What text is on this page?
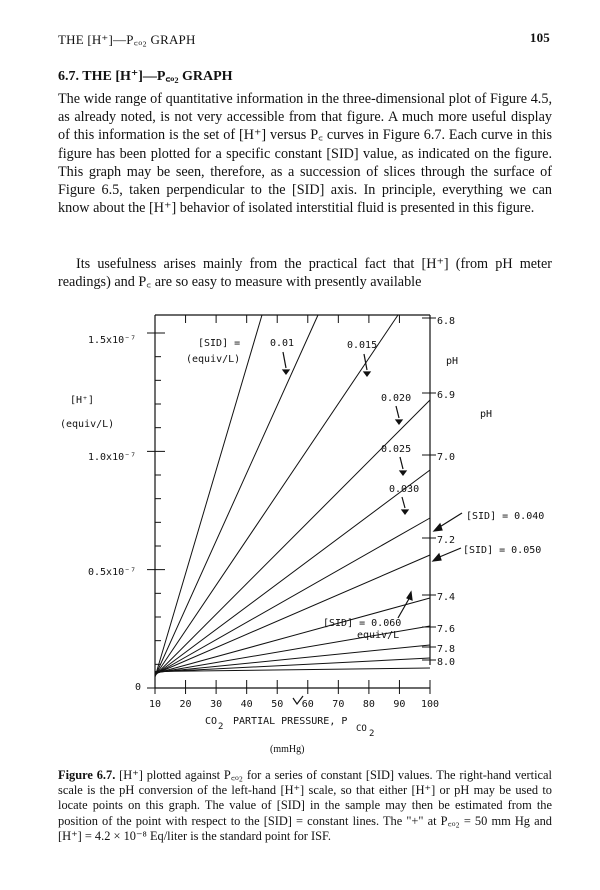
THE [H⁺]—P꜀ₒ₂ GRAPH	105
6.7. THE [H⁺]—P꜀ₒ₂ GRAPH

The wide range of quantitative information in the three-dimensional plot of Figure 4.5, as already noted, is not very accessible from that figure. A much more useful display of this information is the set of [H⁺] versus P꜀ curves in Figure 6.7. Each curve in this figure has been plotted for a specific constant [SID] value, as indicated on the figure. This graph may be seen, therefore, as a succession of slices through the surface of Figure 6.5, taken perpendicular to the [SID] axis. In principle, everything we can know about the [H⁺] behavior of isolated interstitial fluid is presented in this figure.

Its usefulness arises mainly from the practical fact that [H⁺] (from pH meter readings) and P꜀ are so easy to measure with presently available

1.5x10⁻⁷
1.0x10⁻⁷
0.5x10⁻⁷
0
[H⁺]
(equiv/L)
6.8
6.9
7.0
7.2
7.4
7.6
7.8
8.0
pH
10 20 30 40 50 60 70 80 90 100
CO 2 PARTIAL PRESSURE, P
CO 2
(mmHg)
[SID] =
(equiv/L)	pH
0.01	0.015
0.020
0.025
0.030
[SID] = 0.040
[SID] = 0.050
[SID] = 0.060
equiv/L
Figure 6.7. [H⁺] plotted against P꜀ₒ₂ for a series of constant [SID] values. The right-hand vertical scale is the pH conversion of the left-hand [H⁺] scale, so that either [H⁺] or pH may be used to locate points on this graph. The value of [SID] in the sample may then be estimated from the position of the point with respect to the [SID] = constant lines. The "+" at P꜀ₒ₂ = 50 mm Hg and [H⁺] = 4.2 × 10⁻⁸ Eq/liter is the standard point for ISF.
